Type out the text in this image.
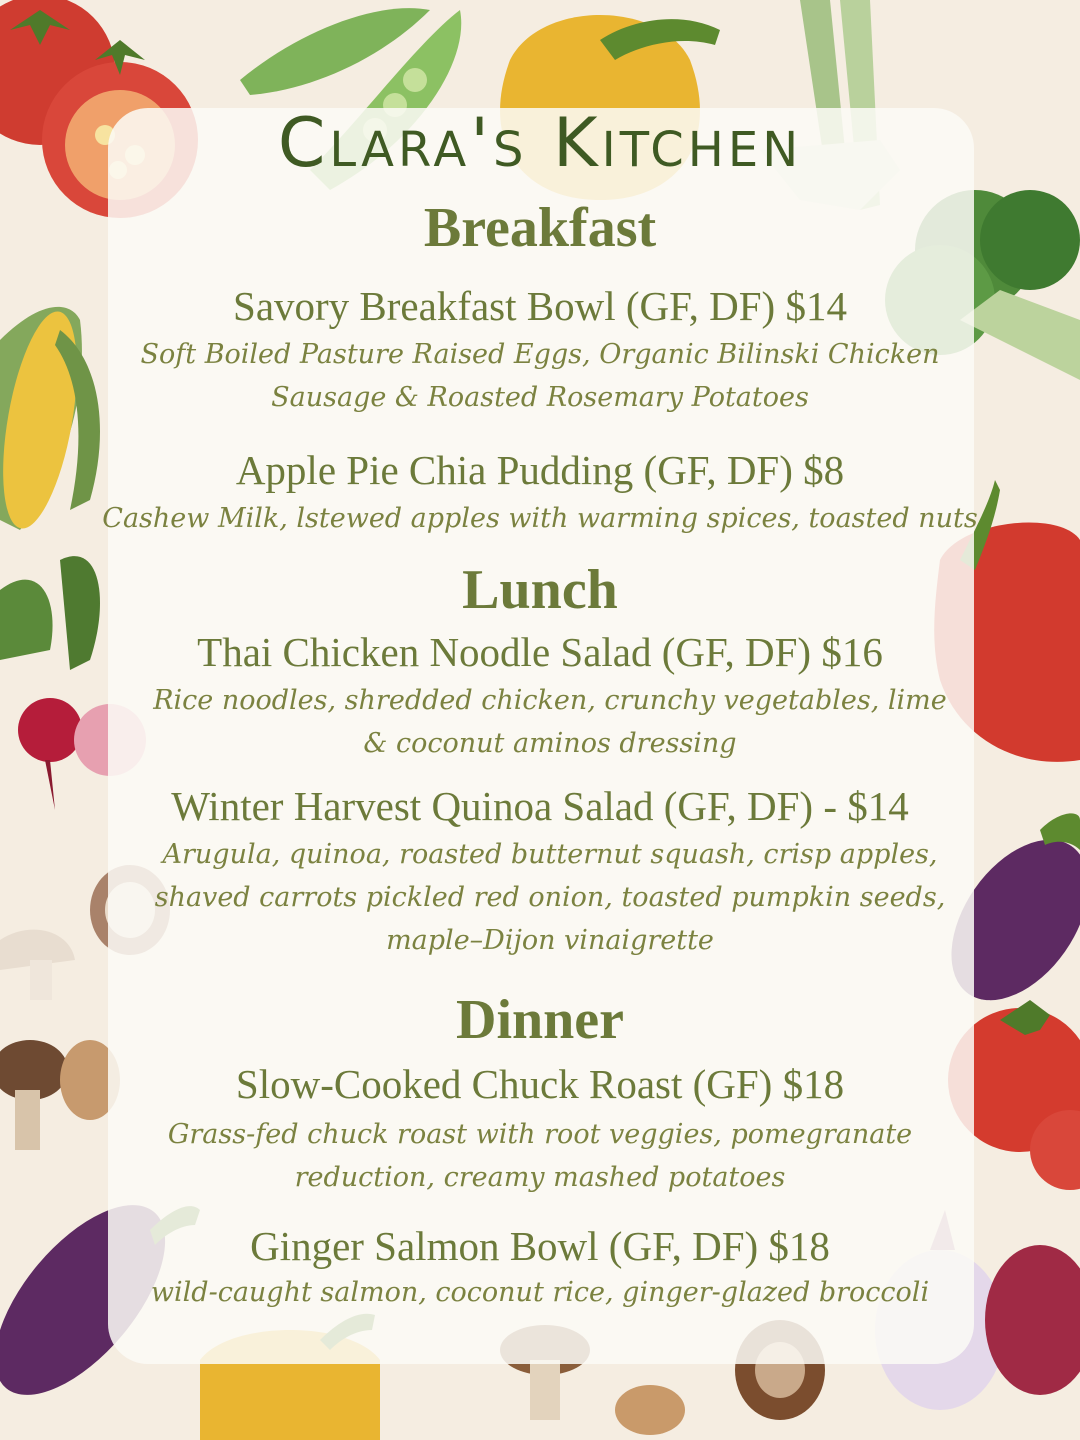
Clara's Kitchen
Breakfast
Savory Breakfast Bowl (GF, DF) $14
Soft Boiled Pasture Raised Eggs, Organic Bilinski Chicken Sausage & Roasted Rosemary Potatoes
Apple Pie Chia Pudding (GF, DF) $8
Cashew Milk, lstewed apples with warming spices, toasted nuts
Lunch
Thai Chicken Noodle Salad (GF, DF) $16
Rice noodles, shredded chicken, crunchy vegetables, lime & coconut aminos dressing
Winter Harvest Quinoa Salad (GF, DF) - $14
Arugula, quinoa, roasted butternut squash, crisp apples, shaved carrots pickled red onion, toasted pumpkin seeds, maple–Dijon vinaigrette
Dinner
Slow-Cooked Chuck Roast (GF) $18
Grass-fed chuck roast with root veggies, pomegranate reduction, creamy mashed potatoes
Ginger Salmon Bowl (GF, DF) $18
wild-caught salmon, coconut rice, ginger-glazed broccoli
